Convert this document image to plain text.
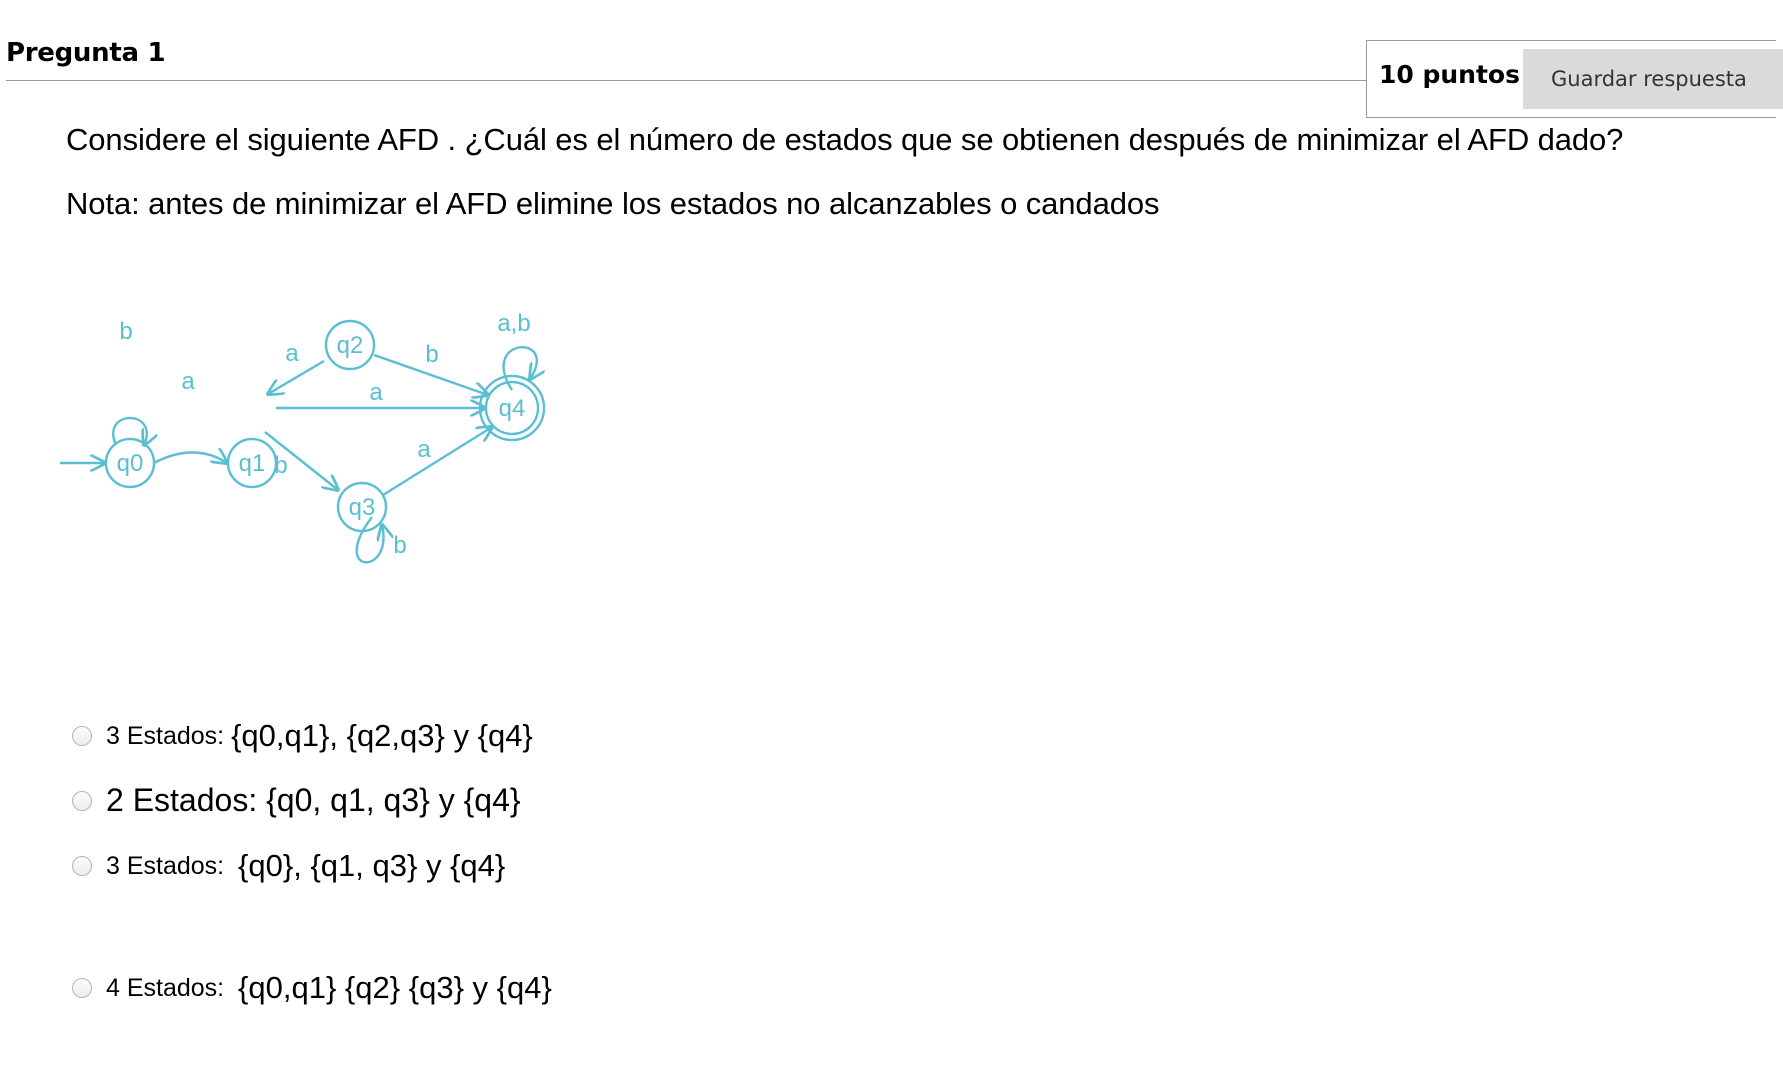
Pregunta 1
10 puntos	Guardar respuesta
Considere el siguiente AFD . ¿Cuál es el número de estados que se obtienen después de minimizar el AFD dado?
Nota: antes de minimizar el AFD elimine los estados no alcanzables o candados
q0	q1
q2
q3
q4
b
a
a
a
b
b
a
b
a,b
3 Estados: {q0,q1}, {q2,q3} y {q4}
2 Estados: {q0, q1, q3} y {q4}
3 Estados: {q0}, {q1, q3} y {q4}
4 Estados: {q0,q1} {q2} {q3} y {q4}
